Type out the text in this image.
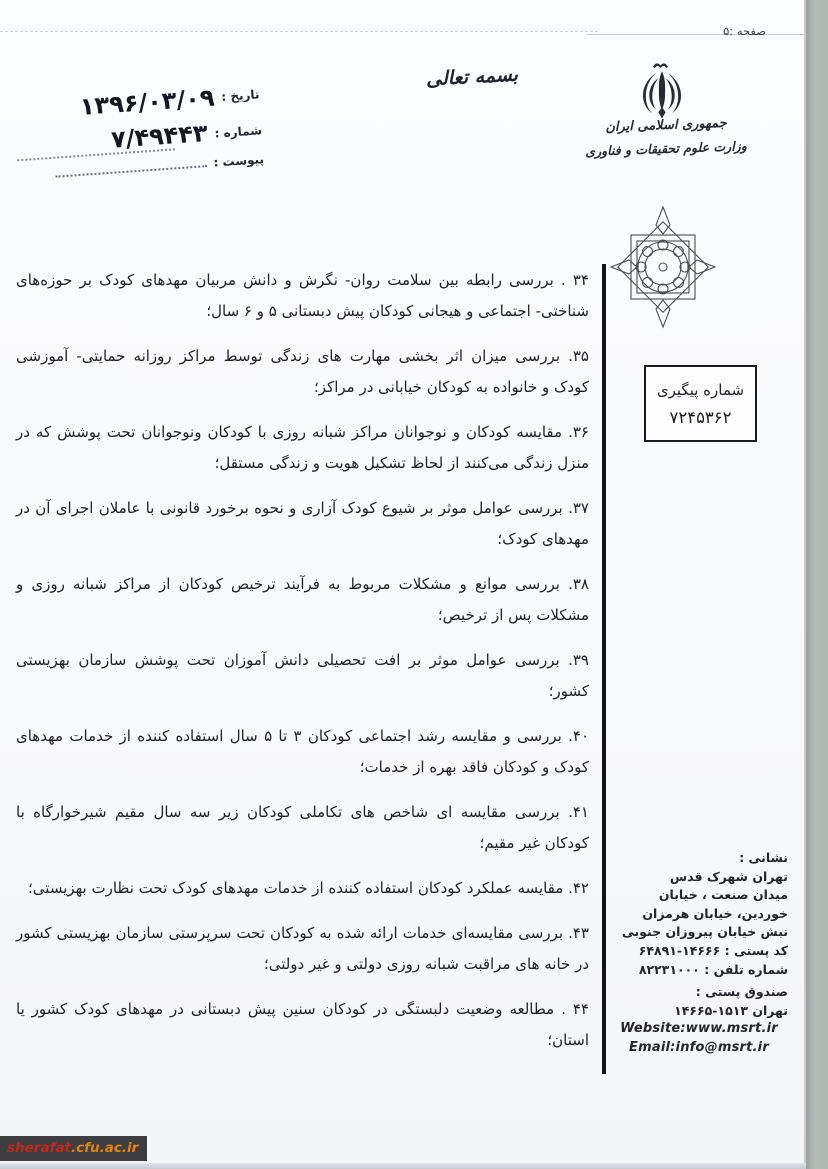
صفحه :۵
بسمه تعالی
جمهوری اسلامی ایران
وزارت علوم تحقیقات و فناوری
تاریخ :
۱۳۹۶/۰۳/۰۹
شماره :
۷/۴۹۴۴۳
پیوست :
شماره پیگیری
۷۲۴۵۳۶۲

۳۴ . بررسی رابطه بین سلامت روان- نگرش و دانش مربیان مهدهای کودک بر حوزه‌های شناختی- اجتماعی و هیجانی کودکان پیش دبستانی ۵ و ۶ سال؛

۳۵. بررسی میزان اثر بخشی مهارت های زندگی توسط مراکز روزانه حمایتی- آموزشی کودک و خانواده به کودکان خیابانی در مراکز؛

۳۶. مقایسه کودکان و نوجوانان مراکز شبانه روزی با کودکان ونوجوانان تحت پوشش که در منزل زندگی می‌کنند از لحاظ تشکیل هویت و زندگی مستقل؛

۳۷. بررسی عوامل موثر بر شیوع کودک آزاری و نحوه برخورد قانونی با عاملان اجرای آن در مهدهای کودک؛

۳۸. بررسی موانع و مشکلات مربوط به فرآیند ترخیص کودکان از مراکز شبانه روزی و مشکلات پس از ترخیص؛

۳۹. بررسی عوامل موثر بر افت تحصیلی دانش آموزان تحت پوشش سازمان بهزیستی کشور؛

۴۰. بررسی و مقایسه رشد اجتماعی کودکان ۳ تا ۵ سال استفاده کننده از خدمات مهدهای کودک و کودکان فاقد بهره از خدمات؛

۴۱. بررسی مقایسه ای شاخص های تکاملی کودکان زیر سه سال مقیم شیرخوارگاه با کودکان غیر مقیم؛

۴۲. مقایسه عملکرد کودکان استفاده کننده از خدمات مهدهای کودک تحت نظارت بهزیستی؛

۴۳. بررسی مقایسه‌ای خدمات ارائه شده به کودکان تحت سرپرستی سازمان بهزیستی کشور در خانه های مراقبت شبانه روزی دولتی و غیر دولتی؛

۴۴ . مطالعه وضعیت دلبستگی در کودکان سنین پیش دبستانی در مهدهای کودک کشور یا استان؛

نشانی :
تهران شهرک قدس
میدان صنعت ، خیابان
خوردین، خیابان هرمزان
نبش خیابان پیروزان جنوبی
کد پستی : ۱۴۶۶۶-۶۴۸۹۱
شماره تلفن : ۸۲۲۳۱۰۰۰
صندوق پستی :
تهران ۱۵۱۳-۱۴۶۶۵
Website:www.msrt.ir
Email:info@msrt.ir
sherafat.cfu.ac.ir
